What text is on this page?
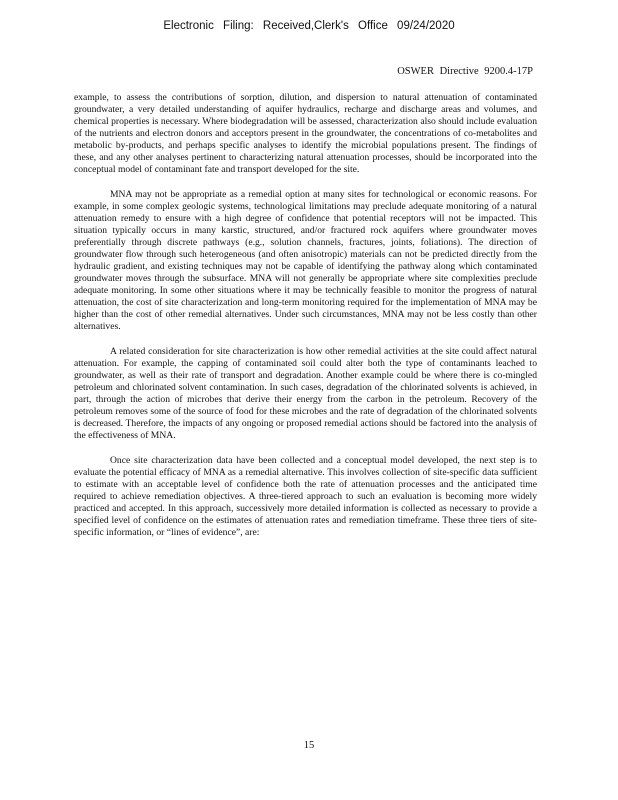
Electronic Filing: Received,Clerk's Office 09/24/2020
OSWER Directive 9200.4-17P

example, to assess the contributions of sorption, dilution, and dispersion to natural attenuation of contaminated groundwater, a very detailed understanding of aquifer hydraulics, recharge and discharge areas and volumes, and chemical properties is necessary. Where biodegradation will be assessed, characterization also should include evaluation of the nutrients and electron donors and acceptors present in the groundwater, the concentrations of co-metabolites and metabolic by-products, and perhaps specific analyses to identify the microbial populations present. The findings of these, and any other analyses pertinent to characterizing natural attenuation processes, should be incorporated into the conceptual model of contaminant fate and transport developed for the site.

MNA may not be appropriate as a remedial option at many sites for technological or economic reasons. For example, in some complex geologic systems, technological limitations may preclude adequate monitoring of a natural attenuation remedy to ensure with a high degree of confidence that potential receptors will not be impacted. This situation typically occurs in many karstic, structured, and/or fractured rock aquifers where groundwater moves preferentially through discrete pathways (e.g., solution channels, fractures, joints, foliations). The direction of groundwater flow through such heterogeneous (and often anisotropic) materials can not be predicted directly from the hydraulic gradient, and existing techniques may not be capable of identifying the pathway along which contaminated groundwater moves through the subsurface. MNA will not generally be appropriate where site complexities preclude adequate monitoring. In some other situations where it may be technically feasible to monitor the progress of natural attenuation, the cost of site characterization and long-term monitoring required for the implementation of MNA may be higher than the cost of other remedial alternatives. Under such circumstances, MNA may not be less costly than other alternatives.

A related consideration for site characterization is how other remedial activities at the site could affect natural attenuation. For example, the capping of contaminated soil could alter both the type of contaminants leached to groundwater, as well as their rate of transport and degradation. Another example could be where there is co-mingled petroleum and chlorinated solvent contamination. In such cases, degradation of the chlorinated solvents is achieved, in part, through the action of microbes that derive their energy from the carbon in the petroleum. Recovery of the petroleum removes some of the source of food for these microbes and the rate of degradation of the chlorinated solvents is decreased. Therefore, the impacts of any ongoing or proposed remedial actions should be factored into the analysis of the effectiveness of MNA.

Once site characterization data have been collected and a conceptual model developed, the next step is to evaluate the potential efficacy of MNA as a remedial alternative. This involves collection of site-specific data sufficient to estimate with an acceptable level of confidence both the rate of attenuation processes and the anticipated time required to achieve remediation objectives. A three-tiered approach to such an evaluation is becoming more widely practiced and accepted. In this approach, successively more detailed information is collected as necessary to provide a specified level of confidence on the estimates of attenuation rates and remediation timeframe. These three tiers of site-specific information, or “lines of evidence”, are:

15
